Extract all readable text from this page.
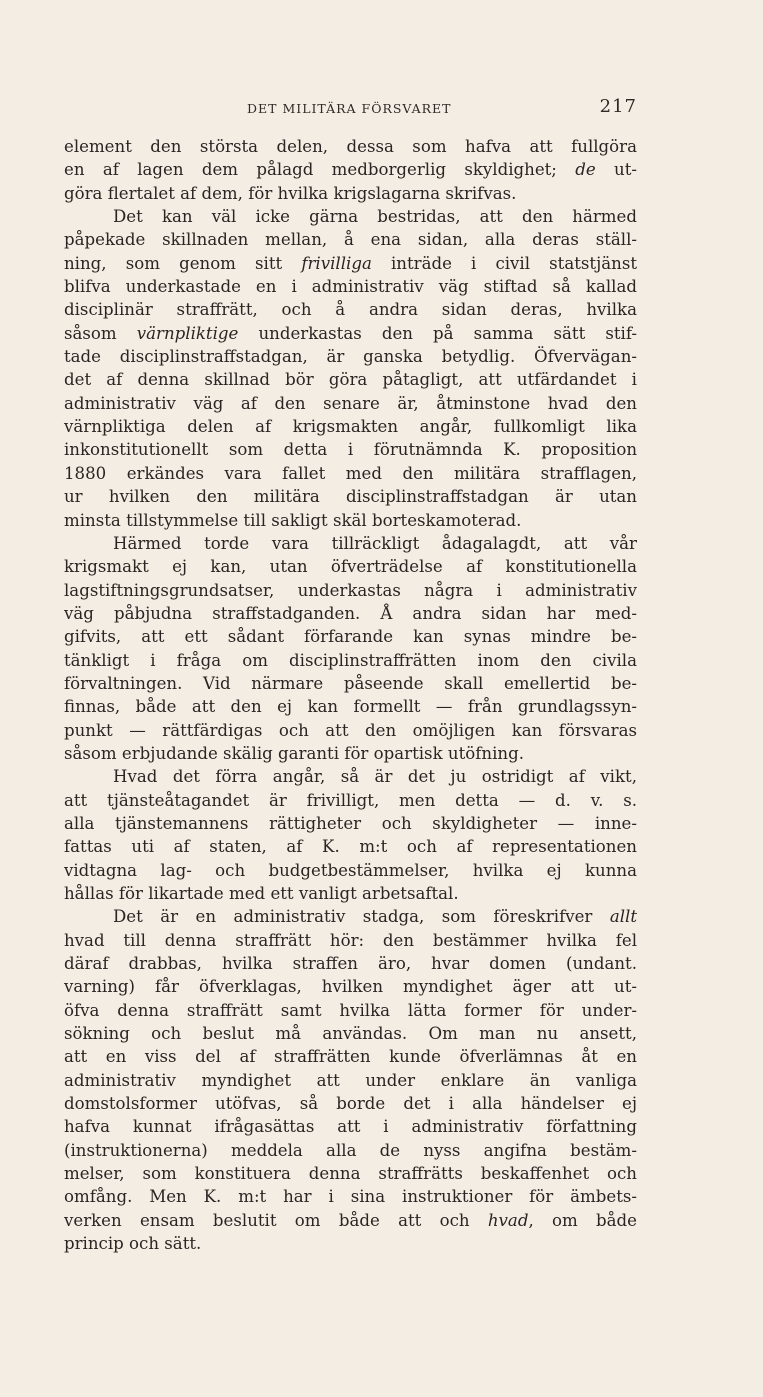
DET MILITÄRA FÖRSVARET	217
element den största delen, dessa som hafva att fullgöra
en af lagen dem pålagd medborgerlig skyldighet; de ut-
göra flertalet af dem, för hvilka krigslagarna skrifvas.
Det kan väl icke gärna bestridas, att den härmed
påpekade skillnaden mellan, å ena sidan, alla deras ställ-
ning, som genom sitt frivilliga inträde i civil statstjänst
blifva underkastade en i administrativ väg stiftad så kallad
disciplinär straffrätt, och å andra sidan deras, hvilka
såsom värnpliktige underkastas den på samma sätt stif-
tade disciplinstraffstadgan, är ganska betydlig. Öfvervägan-
det af denna skillnad bör göra påtagligt, att utfärdandet i
administrativ väg af den senare är, åtminstone hvad den
värnpliktiga delen af krigsmakten angår, fullkomligt lika
inkonstitutionellt som detta i förutnämnda K. proposition
1880 erkändes vara fallet med den militära strafflagen,
ur hvilken den militära disciplinstraffstadgan är utan
minsta tillstymmelse till sakligt skäl borteskamoterad.
Härmed torde vara tillräckligt ådagalagdt, att vår
krigsmakt ej kan, utan öfverträdelse af konstitutionella
lagstiftningsgrundsatser, underkastas några i administrativ
väg påbjudna straffstadganden. Å andra sidan har med-
gifvits, att ett sådant förfarande kan synas mindre be-
tänkligt i fråga om disciplinstraffrätten inom den civila
förvaltningen. Vid närmare påseende skall emellertid be-
finnas, både att den ej kan formellt — från grundlagssyn-
punkt — rättfärdigas och att den omöjligen kan försvaras
såsom erbjudande skälig garanti för opartisk utöfning.
Hvad det förra angår, så är det ju ostridigt af vikt,
att tjänsteåtagandet är frivilligt, men detta — d. v. s.
alla tjänstemannens rättigheter och skyldigheter — inne-
fattas uti af staten, af K. m:t och af representationen
vidtagna lag- och budgetbestämmelser, hvilka ej kunna
hållas för likartade med ett vanligt arbetsaftal.
Det är en administrativ stadga, som föreskrifver allt
hvad till denna straffrätt hör: den bestämmer hvilka fel
däraf drabbas, hvilka straffen äro, hvar domen (undant.
varning) får öfverklagas, hvilken myndighet äger att ut-
öfva denna straffrätt samt hvilka lätta former för under-
sökning och beslut må användas. Om man nu ansett,
att en viss del af straffrätten kunde öfverlämnas åt en
administrativ myndighet att under enklare än vanliga
domstolsformer utöfvas, så borde det i alla händelser ej
hafva kunnat ifrågasättas att i administrativ författning
(instruktionerna) meddela alla de nyss angifna bestäm-
melser, som konstituera denna straffrätts beskaffenhet och
omfång. Men K. m:t har i sina instruktioner för ämbets-
verken ensam beslutit om både att och hvad, om både
princip och sätt.
